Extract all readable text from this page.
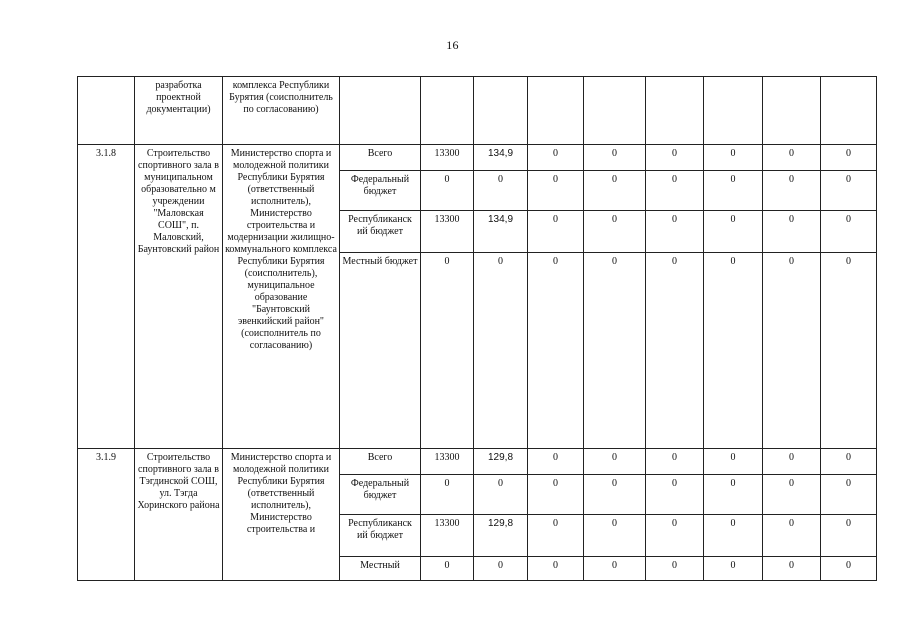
16
	разработка проектной документации)	комплекса Республики Бурятия (соисполнитель по согласованию)									
3.1.8	Строительство спортивного зала в муниципальном образовательно м учреждении "Маловская СОШ", п. Маловский, Баунтовский район	Министерство спорта и молодежной политики Республики Бурятия (ответственный исполнитель), Министерство строительства и модернизации жилищно-коммунального комплекса Республики Бурятия (соисполнитель), муниципальное образование "Баунтовский эвенкийский район" (соисполнитель по согласованию)	Всего	13300	134,9	0	0	0	0	0	0
			Федеральный бюджет	0	0	0	0	0	0	0	0
			Республиканск ий бюджет	13300	134,9	0	0	0	0	0	0
			Местный бюджет	0	0	0	0	0	0	0	0
3.1.9	Строительство спортивного зала в Тэгдинской СОШ, ул. Тэгда Хоринского района	Министерство спорта и молодежной политики Республики Бурятия (ответственный исполнитель), Министерство строительства и	Всего	13300	129,8	0	0	0	0	0	0
			Федеральный бюджет	0	0	0	0	0	0	0	0
			Республиканск ий бюджет	13300	129,8	0	0	0	0	0	0
			Местный	0	0	0	0	0	0	0	0
